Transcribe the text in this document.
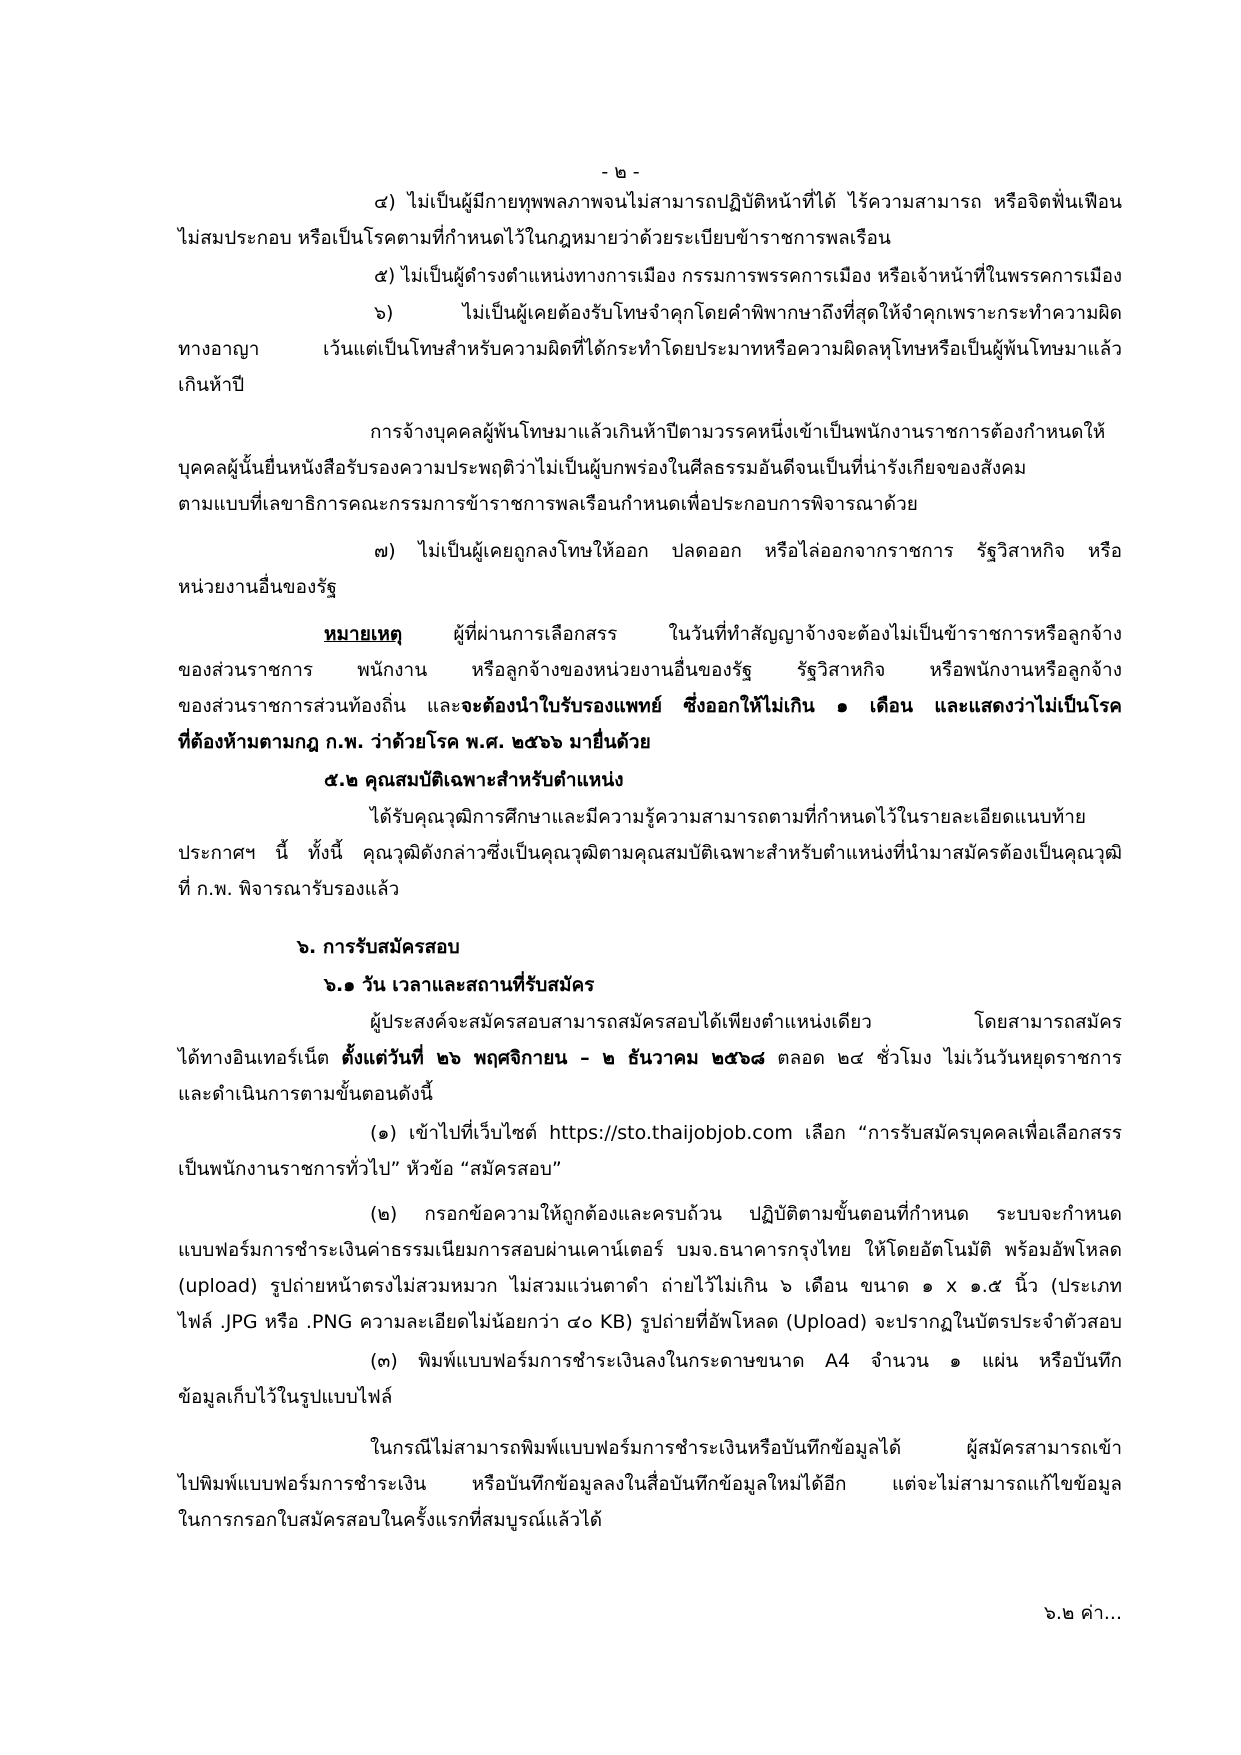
- ๒ -
๔) ไม่เป็นผู้มีกายทุพพลภาพจนไม่สามารถปฏิบัติหน้าที่ได้ ไร้ความสามารถ หรือจิตฟั่นเฟือน
ไม่สมประกอบ หรือเป็นโรคตามที่กำหนดไว้ในกฎหมายว่าด้วยระเบียบข้าราชการพลเรือน
๕) ไม่เป็นผู้ดำรงตำแหน่งทางการเมือง กรรมการพรรคการเมือง หรือเจ้าหน้าที่ในพรรคการเมือง
๖) ไม่เป็นผู้เคยต้องรับโทษจำคุกโดยคำพิพากษาถึงที่สุดให้จำคุกเพราะกระทำความผิด
ทางอาญา เว้นแต่เป็นโทษสำหรับความผิดที่ได้กระทำโดยประมาทหรือความผิดลหุโทษหรือเป็นผู้พ้นโทษมาแล้ว
เกินห้าปี
การจ้างบุคคลผู้พ้นโทษมาแล้วเกินห้าปีตามวรรคหนึ่งเข้าเป็นพนักงานราชการต้องกำหนดให้
บุคคลผู้นั้นยื่นหนังสือรับรองความประพฤติว่าไม่เป็นผู้บกพร่องในศีลธรรมอันดีจนเป็นที่น่ารังเกียจของสังคม
ตามแบบที่เลขาธิการคณะกรรมการข้าราชการพลเรือนกำหนดเพื่อประกอบการพิจารณาด้วย
๗) ไม่เป็นผู้เคยถูกลงโทษให้ออก ปลดออก หรือไล่ออกจากราชการ รัฐวิสาหกิจ หรือ
หน่วยงานอื่นของรัฐ
หมายเหตุ ผู้ที่ผ่านการเลือกสรร ในวันที่ทำสัญญาจ้างจะต้องไม่เป็นข้าราชการหรือลูกจ้าง
ของส่วนราชการ พนักงาน หรือลูกจ้างของหน่วยงานอื่นของรัฐ รัฐวิสาหกิจ หรือพนักงานหรือลูกจ้าง
ของส่วนราชการส่วนท้องถิ่น และจะต้องนำใบรับรองแพทย์ ซึ่งออกให้ไม่เกิน ๑ เดือน และแสดงว่าไม่เป็นโรค
ที่ต้องห้ามตามกฎ ก.พ. ว่าด้วยโรค พ.ศ. ๒๕๖๖ มายื่นด้วย
๕.๒ คุณสมบัติเฉพาะสำหรับตำแหน่ง
ได้รับคุณวุฒิการศึกษาและมีความรู้ความสามารถตามที่กำหนดไว้ในรายละเอียดแนบท้าย
ประกาศฯ นี้ ทั้งนี้ คุณวุฒิดังกล่าวซึ่งเป็นคุณวุฒิตามคุณสมบัติเฉพาะสำหรับตำแหน่งที่นำมาสมัครต้องเป็นคุณวุฒิ
ที่ ก.พ. พิจารณารับรองแล้ว
๖. การรับสมัครสอบ
๖.๑ วัน เวลาและสถานที่รับสมัคร
ผู้ประสงค์จะสมัครสอบสามารถสมัครสอบได้เพียงตำแหน่งเดียว โดยสามารถสมัคร
ได้ทางอินเทอร์เน็ต ตั้งแต่วันที่ ๒๖ พฤศจิกายน – ๒ ธันวาคม ๒๕๖๘ ตลอด ๒๔ ชั่วโมง ไม่เว้นวันหยุดราชการ
และดำเนินการตามขั้นตอนดังนี้
(๑) เข้าไปที่เว็บไซต์ https://sto.thaijobjob.com เลือก “การรับสมัครบุคคลเพื่อเลือกสรร
เป็นพนักงานราชการทั่วไป” หัวข้อ “สมัครสอบ”
(๒) กรอกข้อความให้ถูกต้องและครบถ้วน ปฏิบัติตามขั้นตอนที่กำหนด ระบบจะกำหนด
แบบฟอร์มการชำระเงินค่าธรรมเนียมการสอบผ่านเคาน์เตอร์ บมจ.ธนาคารกรุงไทย ให้โดยอัตโนมัติ พร้อมอัพโหลด
(upload) รูปถ่ายหน้าตรงไม่สวมหมวก ไม่สวมแว่นตาดำ ถ่ายไว้ไม่เกิน ๖ เดือน ขนาด ๑ x ๑.๕ นิ้ว (ประเภท
ไฟล์ .JPG หรือ .PNG ความละเอียดไม่น้อยกว่า ๔๐ KB) รูปถ่ายที่อัพโหลด (Upload) จะปรากฏในบัตรประจำตัวสอบ
(๓) พิมพ์แบบฟอร์มการชำระเงินลงในกระดาษขนาด A4 จำนวน ๑ แผ่น หรือบันทึก
ข้อมูลเก็บไว้ในรูปแบบไฟล์
ในกรณีไม่สามารถพิมพ์แบบฟอร์มการชำระเงินหรือบันทึกข้อมูลได้ ผู้สมัครสามารถเข้า
ไปพิมพ์แบบฟอร์มการชำระเงิน หรือบันทึกข้อมูลลงในสื่อบันทึกข้อมูลใหม่ได้อีก แต่จะไม่สามารถแก้ไขข้อมูล
ในการกรอกใบสมัครสอบในครั้งแรกที่สมบูรณ์แล้วได้
๖.๒ ค่า...
